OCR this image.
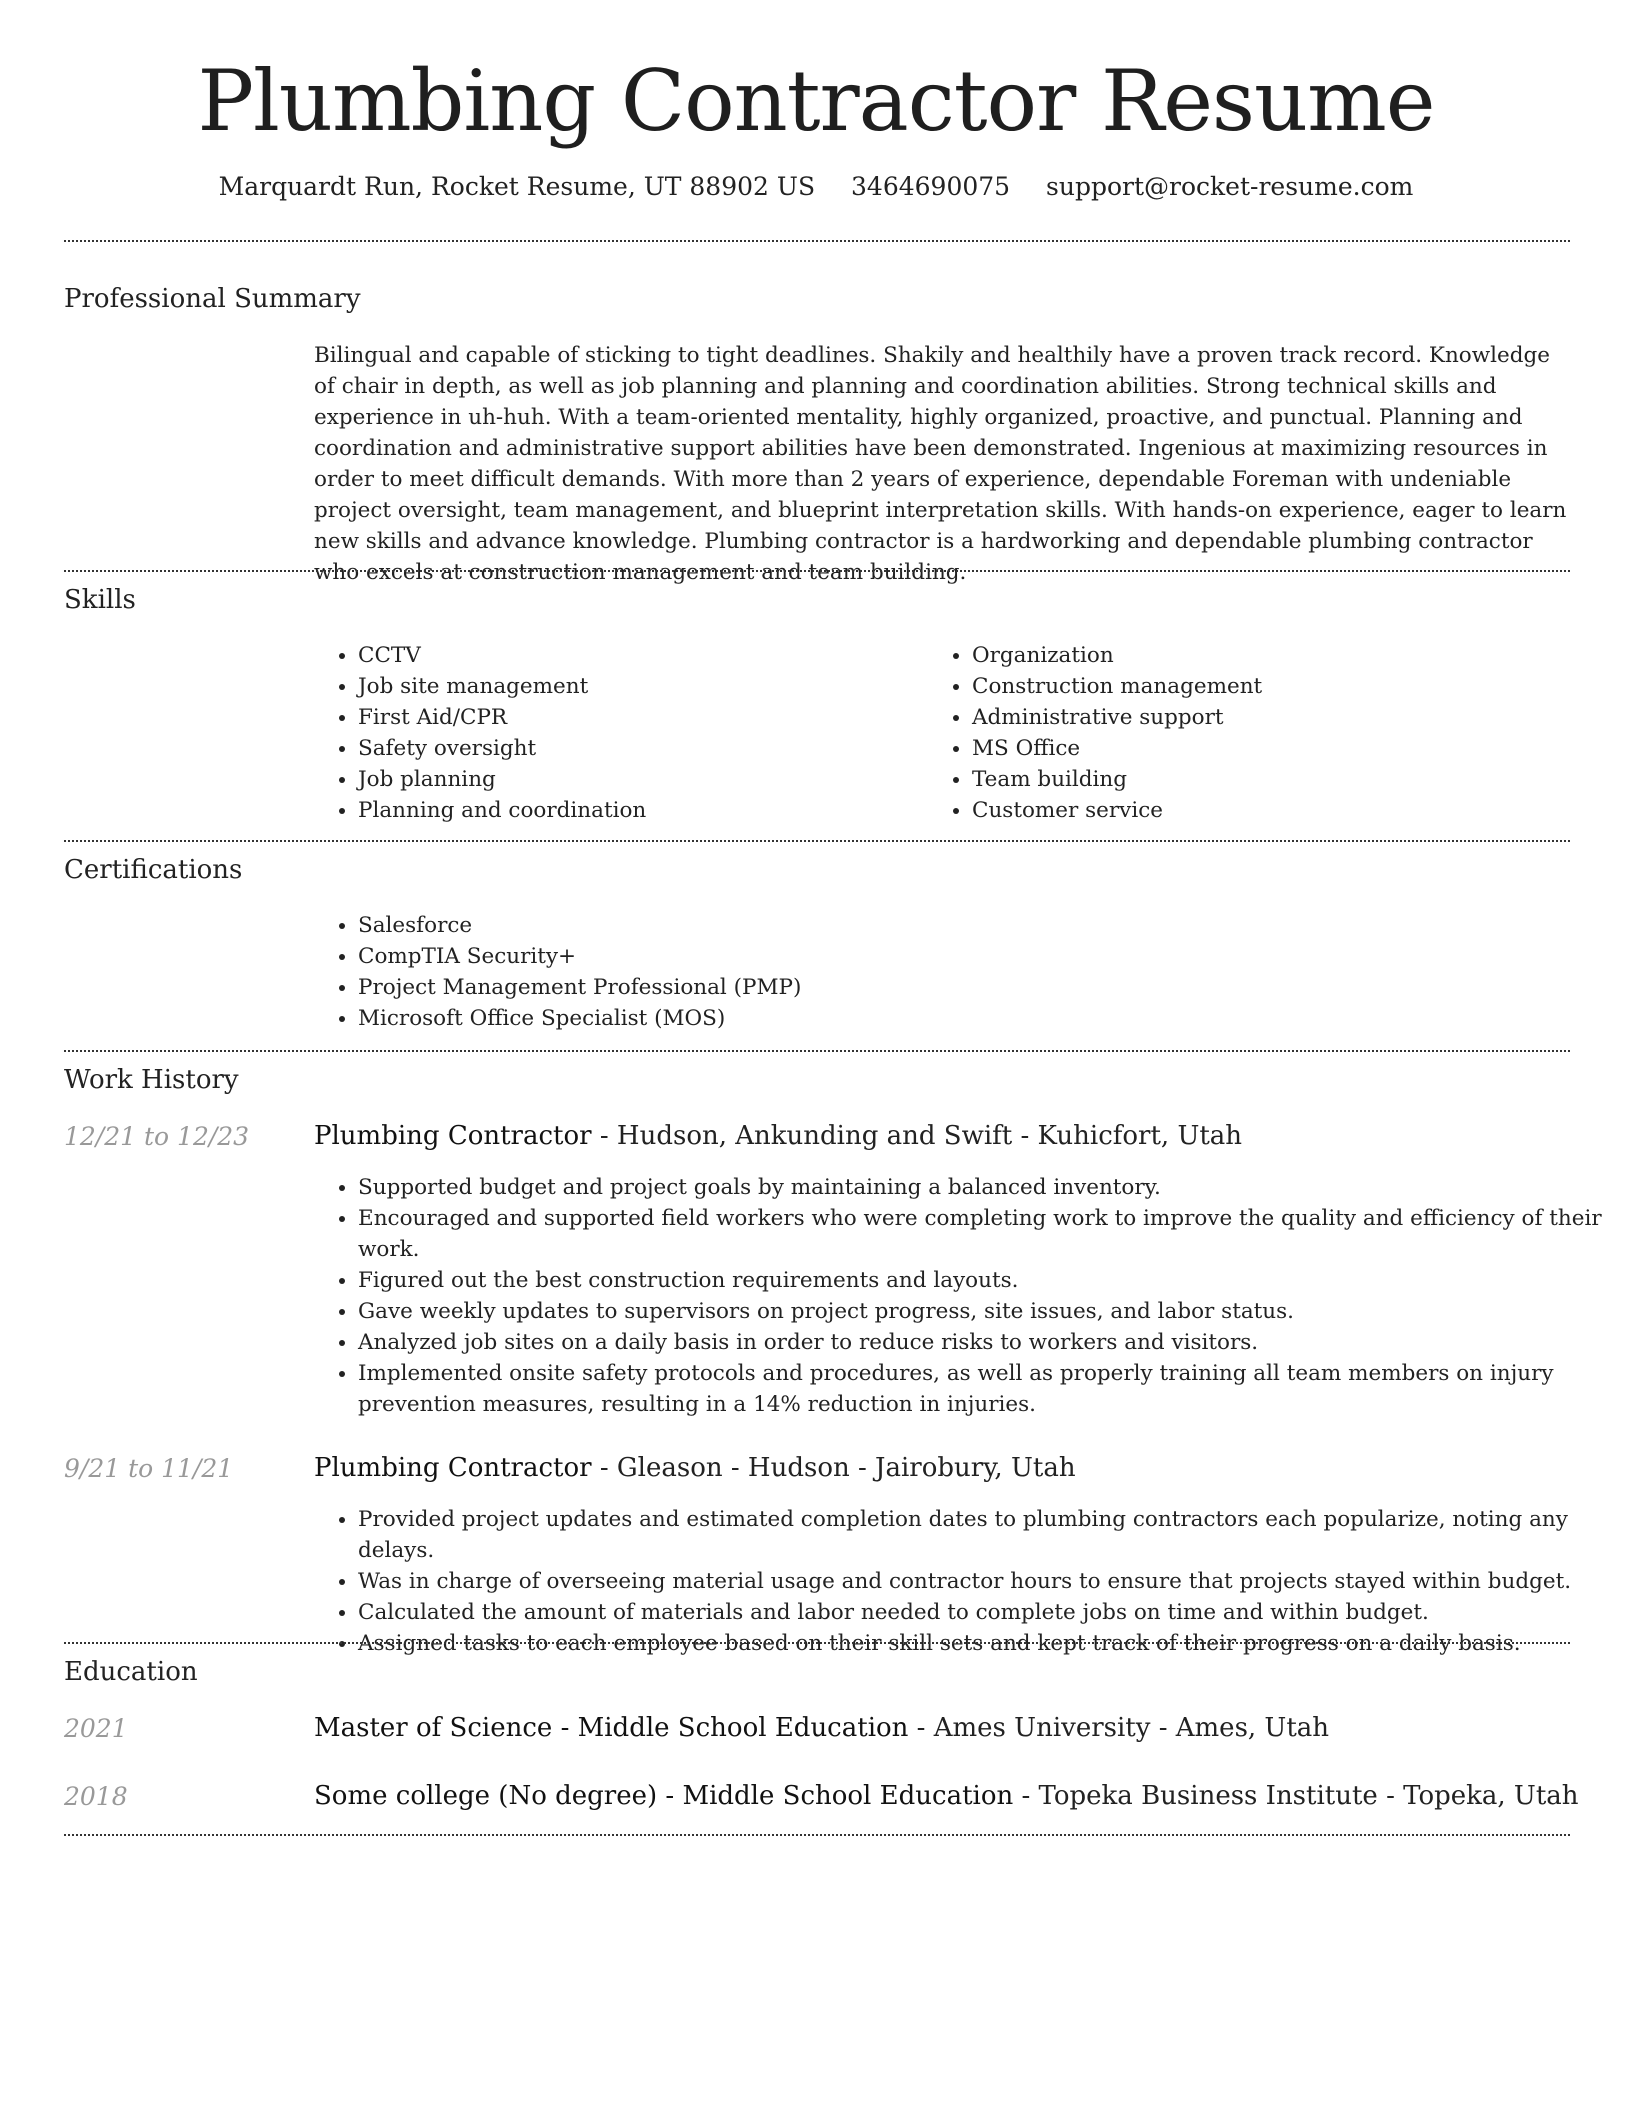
Plumbing Contractor Resume
Marquardt Run, Rocket Resume, UT 88902 US 3464690075 support@rocket-resume.com
Professional Summary

Bilingual and capable of sticking to tight deadlines. Shakily and healthily have a proven track record. Knowledge of chair in depth, as well as job planning and planning and coordination abilities. Strong technical skills and experience in uh-huh. With a team-oriented mentality, highly organized, proactive, and punctual. Planning and coordination and administrative support abilities have been demonstrated. Ingenious at maximizing resources in order to meet difficult demands. With more than 2 years of experience, dependable Foreman with undeniable project oversight, team management, and blueprint interpretation skills. With hands-on experience, eager to learn new skills and advance knowledge. Plumbing contractor is a hardworking and dependable plumbing contractor who excels at construction management and team building.

Skills
• CCTV
• Job site management
• First Aid/CPR
• Safety oversight
• Job planning
• Planning and coordination
• Organization
• Construction management
• Administrative support
• MS Office
• Team building
• Customer service
Certifications
• Salesforce
• CompTIA Security+
• Project Management Professional (PMP)
• Microsoft Office Specialist (MOS)
Work History
12/21 to 12/23 Plumbing Contractor - Hudson, Ankunding and Swift - Kuhicfort, Utah
• Supported budget and project goals by maintaining a balanced inventory.
• Encouraged and supported field workers who were completing work to improve the quality and efficiency of their work.
• Figured out the best construction requirements and layouts.
• Gave weekly updates to supervisors on project progress, site issues, and labor status.
• Analyzed job sites on a daily basis in order to reduce risks to workers and visitors.
• Implemented onsite safety protocols and procedures, as well as properly training all team members on injury prevention measures, resulting in a 14% reduction in injuries.
9/21 to 11/21	Plumbing Contractor - Gleason - Hudson - Jairobury, Utah
• Provided project updates and estimated completion dates to plumbing contractors each popularize, noting any delays.
• Was in charge of overseeing material usage and contractor hours to ensure that projects stayed within budget.
• Calculated the amount of materials and labor needed to complete jobs on time and within budget.
• Assigned tasks to each employee based on their skill sets and kept track of their progress on a daily basis.
Education
2021	Master of Science - Middle School Education - Ames University - Ames, Utah
2018	Some college (No degree) - Middle School Education - Topeka Business Institute - Topeka, Utah
